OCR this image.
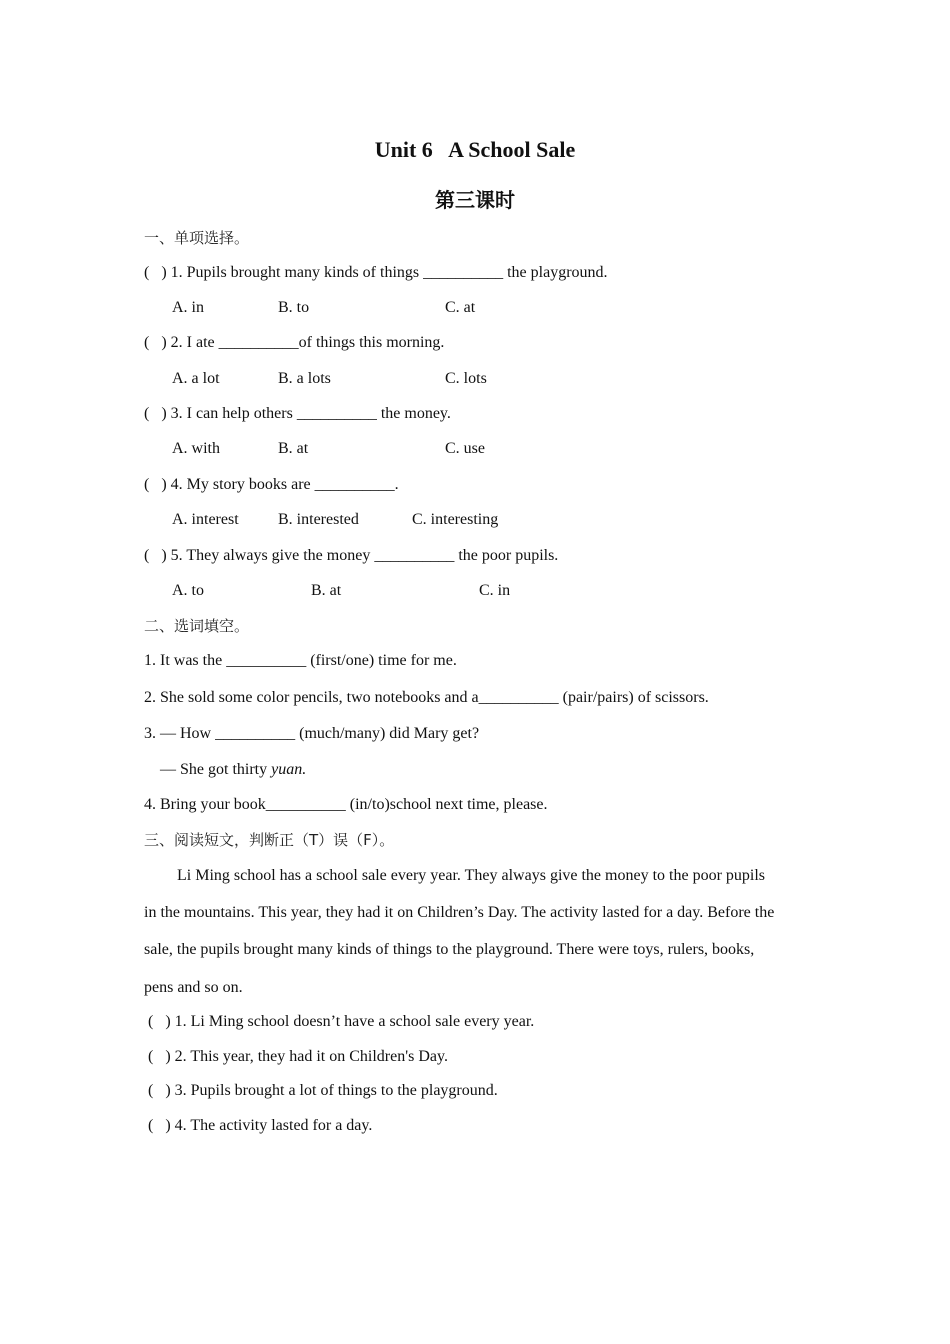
Unit 6   A School Sale
第三课时
一、单项选择。
(   ) 1. Pupils brought many kinds of things __________ the playground.
A. in	B. to	C. at
(   ) 2. I ate __________of things this morning.
A. a lot	B. a lots	C. lots
(   ) 3. I can help others __________ the money.
A. with	B. at	C. use
(   ) 4. My story books are __________.
A. interest B. interested	C. interesting
(   ) 5. They always give the money __________ the poor pupils.
A. to	B. at	C. in
二、选词填空。
1. It was the __________ (first/one) time for me.
2. She sold some color pencils, two notebooks and a__________ (pair/pairs) of scissors.
3. — How __________ (much/many) did Mary get?
— She got thirty yuan.
4. Bring your book__________ (in/to)school next time, please.
三、阅读短文，判断正（T）误（F）。
Li Ming school has a school sale every year. They always give the money to the poor pupils
in the mountains. This year, they had it on Children’s Day. The activity lasted for a day. Before the
sale, the pupils brought many kinds of things to the playground. There were toys, rulers, books,
pens and so on.
(   ) 1. Li Ming school doesn’t have a school sale every year.
(   ) 2. This year, they had it on Children's Day.
(   ) 3. Pupils brought a lot of things to the playground.
(   ) 4. The activity lasted for a day.
